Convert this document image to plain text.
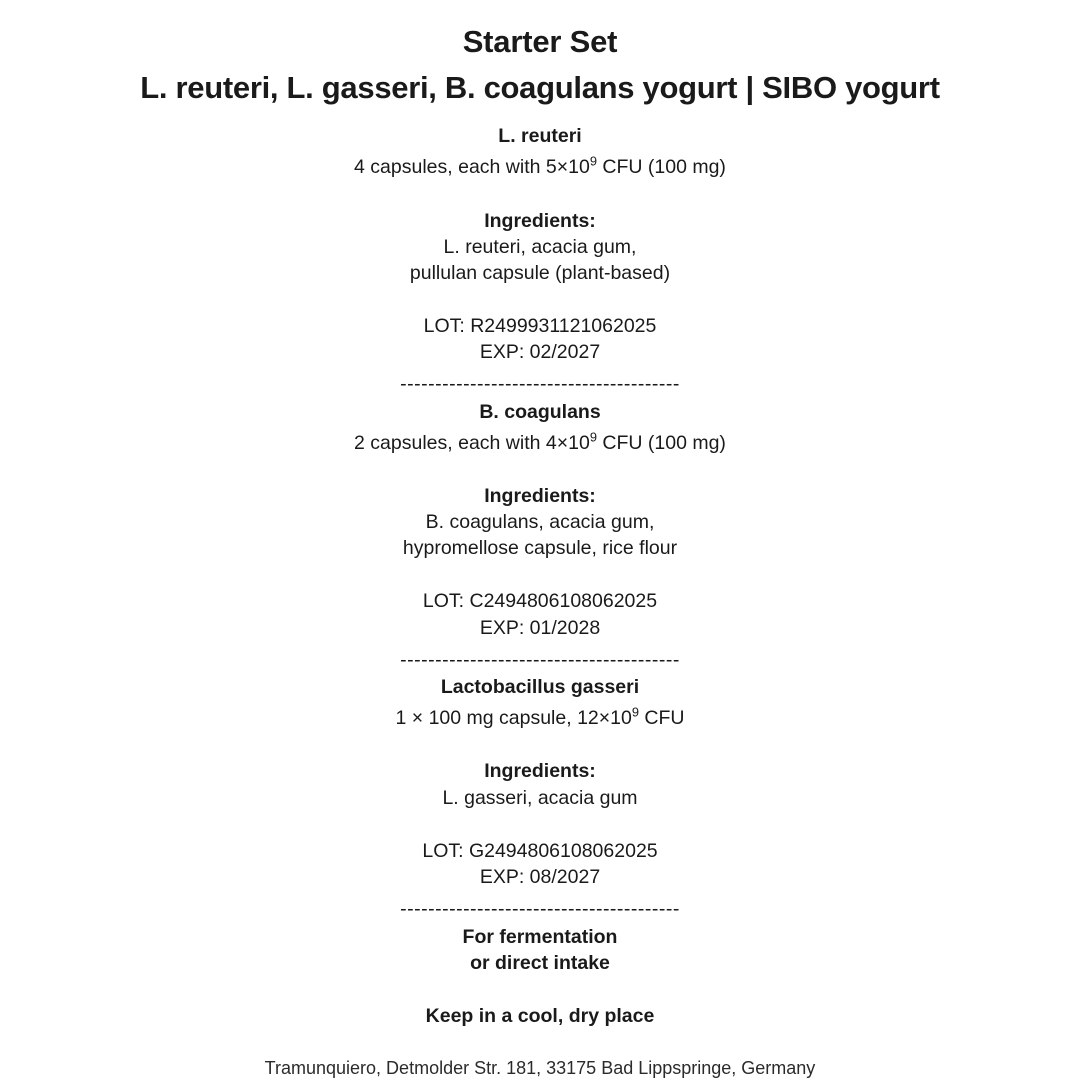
Starter Set
L. reuteri, L. gasseri, B. coagulans yogurt | SIBO yogurt
L. reuteri
4 capsules, each with $5\times 10^9$ CFU (100 mg)
Ingredients:
L. reuteri, acacia gum,
pullulan capsule (plant-based)
LOT: R2499931121062025
EXP: 02/2027
----------------------------------------
B. coagulans
2 capsules, each with $4\times 10^9$ CFU (100 mg)
Ingredients:
B. coagulans, acacia gum,
hypromellose capsule, rice flour
LOT: C2494806108062025
EXP: 01/2028
----------------------------------------
Lactobacillus gasseri
1 × 100 mg capsule, $12\times 10^9$ CFU
Ingredients:
L. gasseri, acacia gum
LOT: G2494806108062025
EXP: 08/2027
----------------------------------------
For fermentation
or direct intake
Keep in a cool, dry place
Tramunquiero, Detmolder Str. 181, 33175 Bad Lippspringe, Germany
